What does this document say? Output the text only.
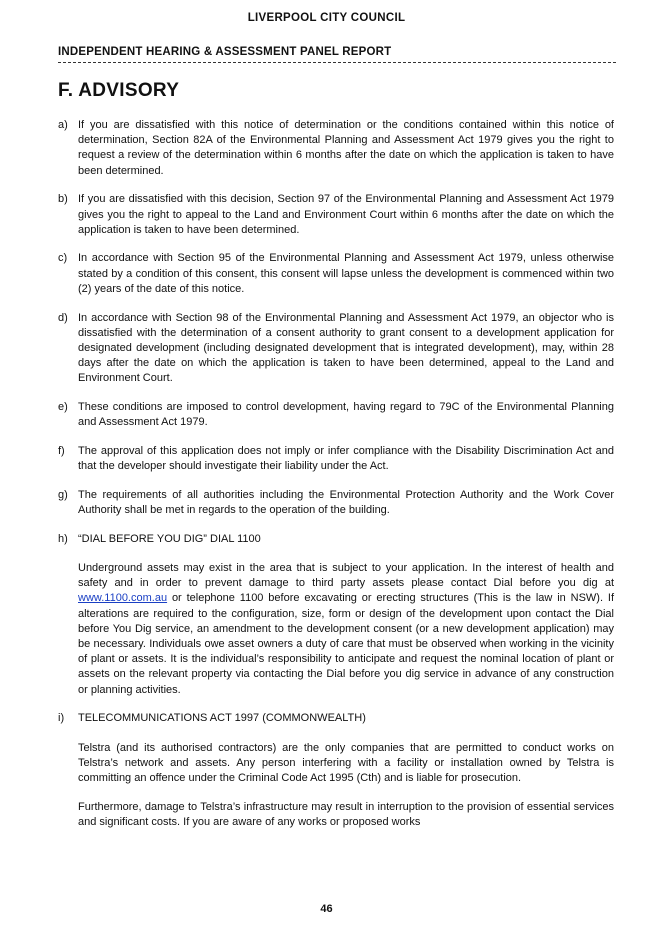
LIVERPOOL CITY COUNCIL
INDEPENDENT HEARING & ASSESSMENT PANEL REPORT
F. ADVISORY
a) If you are dissatisfied with this notice of determination or the conditions contained within this notice of determination, Section 82A of the Environmental Planning and Assessment Act 1979 gives you the right to request a review of the determination within 6 months after the date on which the application is taken to have been determined.
b) If you are dissatisfied with this decision, Section 97 of the Environmental Planning and Assessment Act 1979 gives you the right to appeal to the Land and Environment Court within 6 months after the date on which the application is taken to have been determined.
c) In accordance with Section 95 of the Environmental Planning and Assessment Act 1979, unless otherwise stated by a condition of this consent, this consent will lapse unless the development is commenced within two (2) years of the date of this notice.
d) In accordance with Section 98 of the Environmental Planning and Assessment Act 1979, an objector who is dissatisfied with the determination of a consent authority to grant consent to a development application for designated development (including designated development that is integrated development), may, within 28 days after the date on which the application is taken to have been determined, appeal to the Land and Environment Court.
e) These conditions are imposed to control development, having regard to 79C of the Environmental Planning and Assessment Act 1979.
f) The approval of this application does not imply or infer compliance with the Disability Discrimination Act and that the developer should investigate their liability under the Act.
g) The requirements of all authorities including the Environmental Protection Authority and the Work Cover Authority shall be met in regards to the operation of the building.
h) “DIAL BEFORE YOU DIG” DIAL 1100
Underground assets may exist in the area that is subject to your application. In the interest of health and safety and in order to prevent damage to third party assets please contact Dial before you dig at www.1100.com.au or telephone 1100 before excavating or erecting structures (This is the law in NSW). If alterations are required to the configuration, size, form or design of the development upon contact the Dial before You Dig service, an amendment to the development consent (or a new development application) may be necessary. Individuals owe asset owners a duty of care that must be observed when working in the vicinity of plant or assets. It is the individual’s responsibility to anticipate and request the nominal location of plant or assets on the relevant property via contacting the Dial before you dig service in advance of any construction or planning activities.
i) TELECOMMUNICATIONS ACT 1997 (COMMONWEALTH)
Telstra (and its authorised contractors) are the only companies that are permitted to conduct works on Telstra’s network and assets. Any person interfering with a facility or installation owned by Telstra is committing an offence under the Criminal Code Act 1995 (Cth) and is liable for prosecution.
Furthermore, damage to Telstra’s infrastructure may result in interruption to the provision of essential services and significant costs. If you are aware of any works or proposed works
46
